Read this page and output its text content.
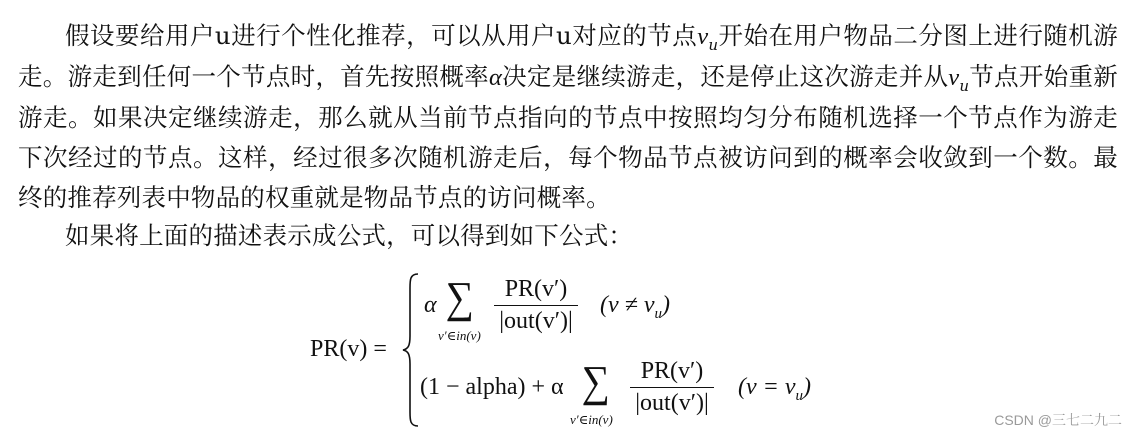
假设要给用户u进行个性化推荐，可以从用户u对应的节点$v_u$开始在用户物品二分图上进行随机游走。游走到任何一个节点时，首先按照概率α决定是继续游走，还是停止这次游走并从$v_u$节点开始重新游走。如果决定继续游走，那么就从当前节点指向的节点中按照均匀分布随机选择一个节点作为游走下次经过的节点。这样，经过很多次随机游走后，每个物品节点被访问到的概率会收敛到一个数。最终的推荐列表中物品的权重就是物品节点的访问概率。
如果将上面的描述表示成公式，可以得到如下公式：
PR(v) =
α ∑
v′∈in(v)
PR(v′)
|out(v′)|
$(v \ne v_u)$
(1 − alpha) + α ∑
v′∈in(v)
PR(v′)
|out(v′)|
$(v = v_u)$
CSDN @三七二九二
